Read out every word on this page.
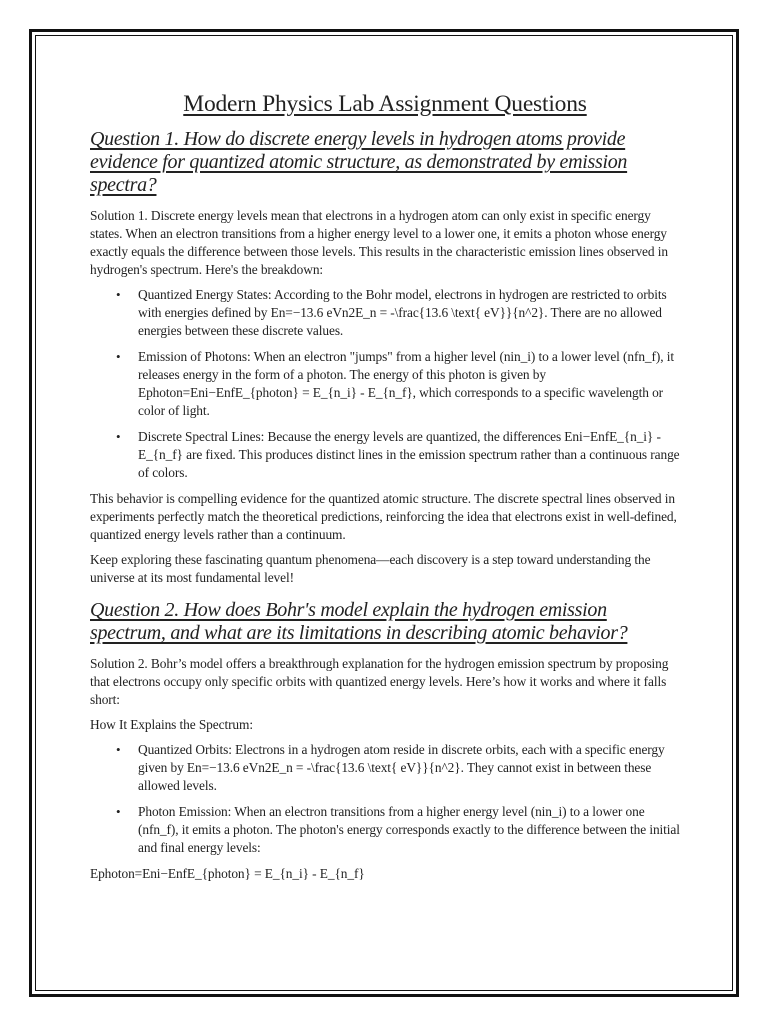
Modern Physics Lab Assignment Questions
Question 1. How do discrete energy levels in hydrogen atoms provide evidence for quantized atomic structure, as demonstrated by emission spectra?

Solution 1. Discrete energy levels mean that electrons in a hydrogen atom can only exist in specific energy states. When an electron transitions from a higher energy level to a lower one, it emits a photon whose energy exactly equals the difference between those levels. This results in the characteristic emission lines observed in hydrogen's spectrum. Here's the breakdown:

• Quantized Energy States: According to the Bohr model, electrons in hydrogen are restricted to orbits with energies defined by En=−13.6 eVn2E_n = -\frac{13.6 \text{ eV}}{n^2}. There are no allowed energies between these discrete values.
• Emission of Photons: When an electron "jumps" from a higher level (nin_i) to a lower level (nfn_f), it releases energy in the form of a photon. The energy of this photon is given by Ephoton=Eni−EnfE_{photon} = E_{n_i} - E_{n_f}, which corresponds to a specific wavelength or color of light.
• Discrete Spectral Lines: Because the energy levels are quantized, the differences Eni−EnfE_{n_i} - E_{n_f} are fixed. This produces distinct lines in the emission spectrum rather than a continuous range of colors.

This behavior is compelling evidence for the quantized atomic structure. The discrete spectral lines observed in experiments perfectly match the theoretical predictions, reinforcing the idea that electrons exist in well-defined, quantized energy levels rather than a continuum.

Keep exploring these fascinating quantum phenomena—each discovery is a step toward understanding the universe at its most fundamental level!

Question 2. How does Bohr's model explain the hydrogen emission spectrum, and what are its limitations in describing atomic behavior?

Solution 2. Bohr’s model offers a breakthrough explanation for the hydrogen emission spectrum by proposing that electrons occupy only specific orbits with quantized energy levels. Here’s how it works and where it falls short:

How It Explains the Spectrum:

• Quantized Orbits: Electrons in a hydrogen atom reside in discrete orbits, each with a specific energy given by En=−13.6 eVn2E_n = -\frac{13.6 \text{ eV}}{n^2}. They cannot exist in between these allowed levels.
• Photon Emission: When an electron transitions from a higher energy level (nin_i) to a lower one (nfn_f), it emits a photon. The photon's energy corresponds exactly to the difference between the initial and final energy levels:

Ephoton=Eni−EnfE_{photon} = E_{n_i} - E_{n_f}
